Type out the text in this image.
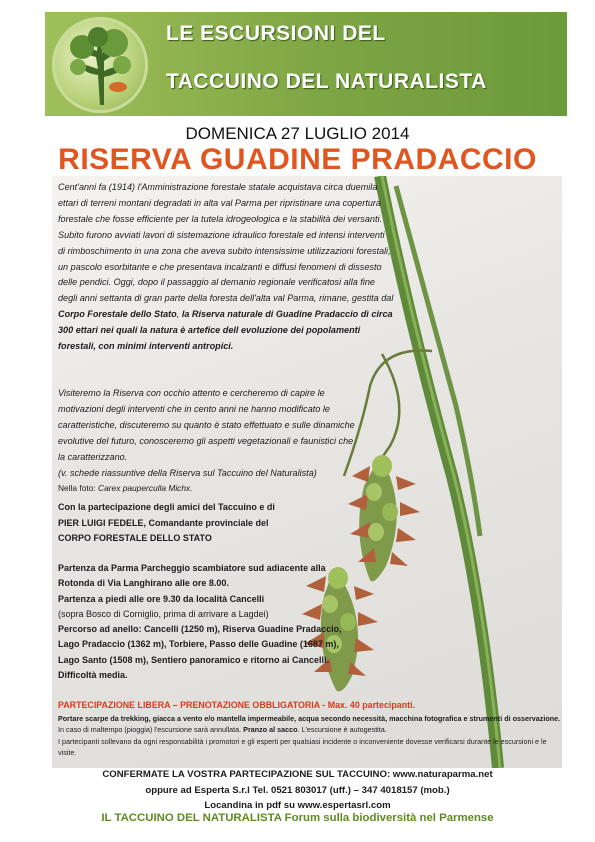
LE ESCURSIONI DEL
TACCUINO DEL NATURALISTA
DOMENICA 27 LUGLIO 2014
RISERVA GUADINE PRADACCIO

Cent'anni fa (1914) l'Amministrazione forestale statale acquistava circa duemila ettari di terreni montani degradati in alta val Parma per ripristinare una copertura forestale che fosse efficiente per la tutela idrogeologica e la stabilità dei versanti. Subito furono avviati lavori di sistemazione idraulico forestale ed intensi interventi di rimboschimento in una zona che aveva subito intensissime utilizzazioni forestali, un pascolo esorbitante e che presentava incalzanti e diffusi fenomeni di dissesto delle pendici. Oggi, dopo il passaggio al demanio regionale verificatosi alla fine degli anni settanta di gran parte della foresta dell'alta val Parma, rimane, gestita dal Corpo Forestale dello Stato, la Riserva naturale di Guadine Pradaccio dì circa 300 ettari nei quali la natura è artefice dell evoluzione dei popolamenti forestali, con minimi interventi antropici.

Visiteremo la Riserva con occhio attento e cercheremo di capire le motivazioni degli interventi che in cento anni ne hanno modificato le caratteristiche, discuteremo su quanto è stato effettuato e sulle dinamiche evolutive del futuro, conosceremo gli aspetti vegetazionali e faunistici che la caratterizzano.
(v. schede riassuntive della Riserva sul Taccuino del Naturalista)
Nella foto: Carex pauperculla Michx.

Con la partecipazione degli amici del Taccuino e di
PIER LUIGI FEDELE, Comandante provinciale del
CORPO FORESTALE DELLO STATO

Partenza da Parma Parcheggio scambiatore sud adiacente alla Rotonda di Via Langhirano alle ore 8.00.
Partenza a piedi alle ore 9.30 da località Cancelli
(sopra Bosco di Corniglio, prima di arrivare a Lagdei)
Percorso ad anello: Cancelli (1250 m), Riserva Guadine Pradaccio, Lago Pradaccio (1362 m), Torbiere, Passo delle Guadine (1687 m), Lago Santo (1508 m), Sentiero panoramico e ritorno ai Cancelli. Difficoltà media.

PARTECIPAZIONE LIBERA – PRENOTAZIONE OBBLIGATORIA - Max. 40 partecipanti.

Portare scarpe da trekking, giacca a vento e/o mantella impermeabile, acqua secondo necessità, macchina fotografica e strumenti di osservazione. In caso di maltempo (pioggia) l'escursione sarà annullata. Pranzo al sacco. L'escursione è autogestita.
I partecipanti sollevano da ogni responsabilità i promotori e gli esperti per qualsiasi incidente o inconveniente dovesse verificarsi durante le escursioni e le visite.

CONFERMATE LA VOSTRA PARTECIPAZIONE SUL TACCUINO: www.naturaparma.net
oppure ad Esperta S.r.l Tel. 0521 803017 (uff.) – 347 4018157 (mob.)
Locandina in pdf su www.espertasrl.com

IL TACCUINO DEL NATURALISTA Forum sulla biodiversità nel Parmense
